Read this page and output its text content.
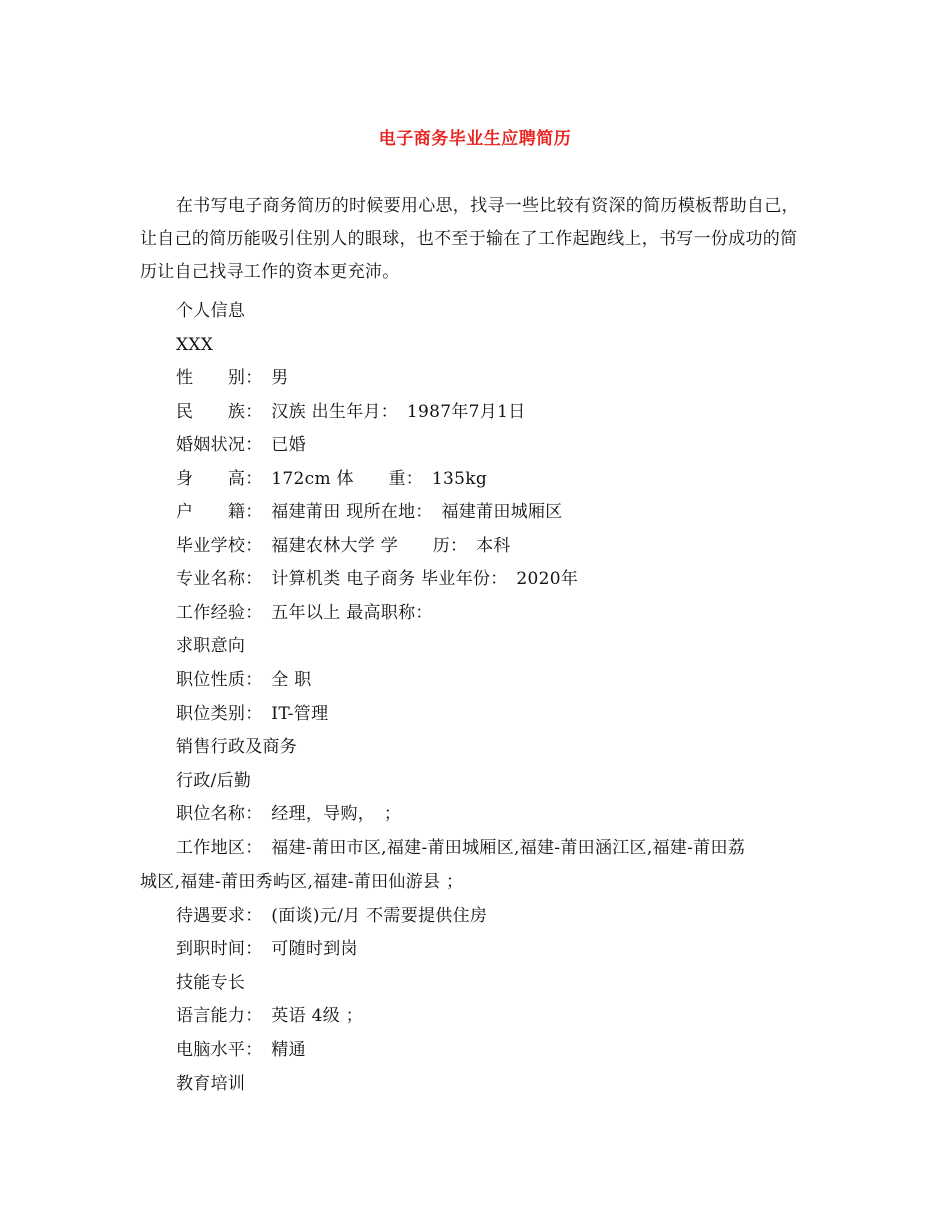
电子商务毕业生应聘简历
在书写电子商务简历的时候要用心思，找寻一些比较有资深的简历模板帮助自己，让自己的简历能吸引住别人的眼球，也不至于输在了工作起跑线上，书写一份成功的简历让自己找寻工作的资本更充沛。
个人信息
XXX
性　　别：　男
民　　族：　汉族 出生年月：　1987年7月1日
婚姻状况：　已婚
身　　高：　172cm 体　　重：　135kg
户　　籍：　福建莆田 现所在地：　福建莆田城厢区
毕业学校：　福建农林大学 学　　历：　本科
专业名称：　计算机类 电子商务 毕业年份：　2020年
工作经验：　五年以上 最高职称：
求职意向
职位性质：　全 职
职位类别：　IT-管理
销售行政及商务
行政/后勤
职位名称：　经理，导购，　；
工作地区：　福建-莆田市区,福建-莆田城厢区,福建-莆田涵江区,福建-莆田荔
城区,福建-莆田秀屿区,福建-莆田仙游县 ；
待遇要求：　(面谈)元/月 不需要提供住房
到职时间：　可随时到岗
技能专长
语言能力：　英语 4级 ；
电脑水平：　精通
教育培训
